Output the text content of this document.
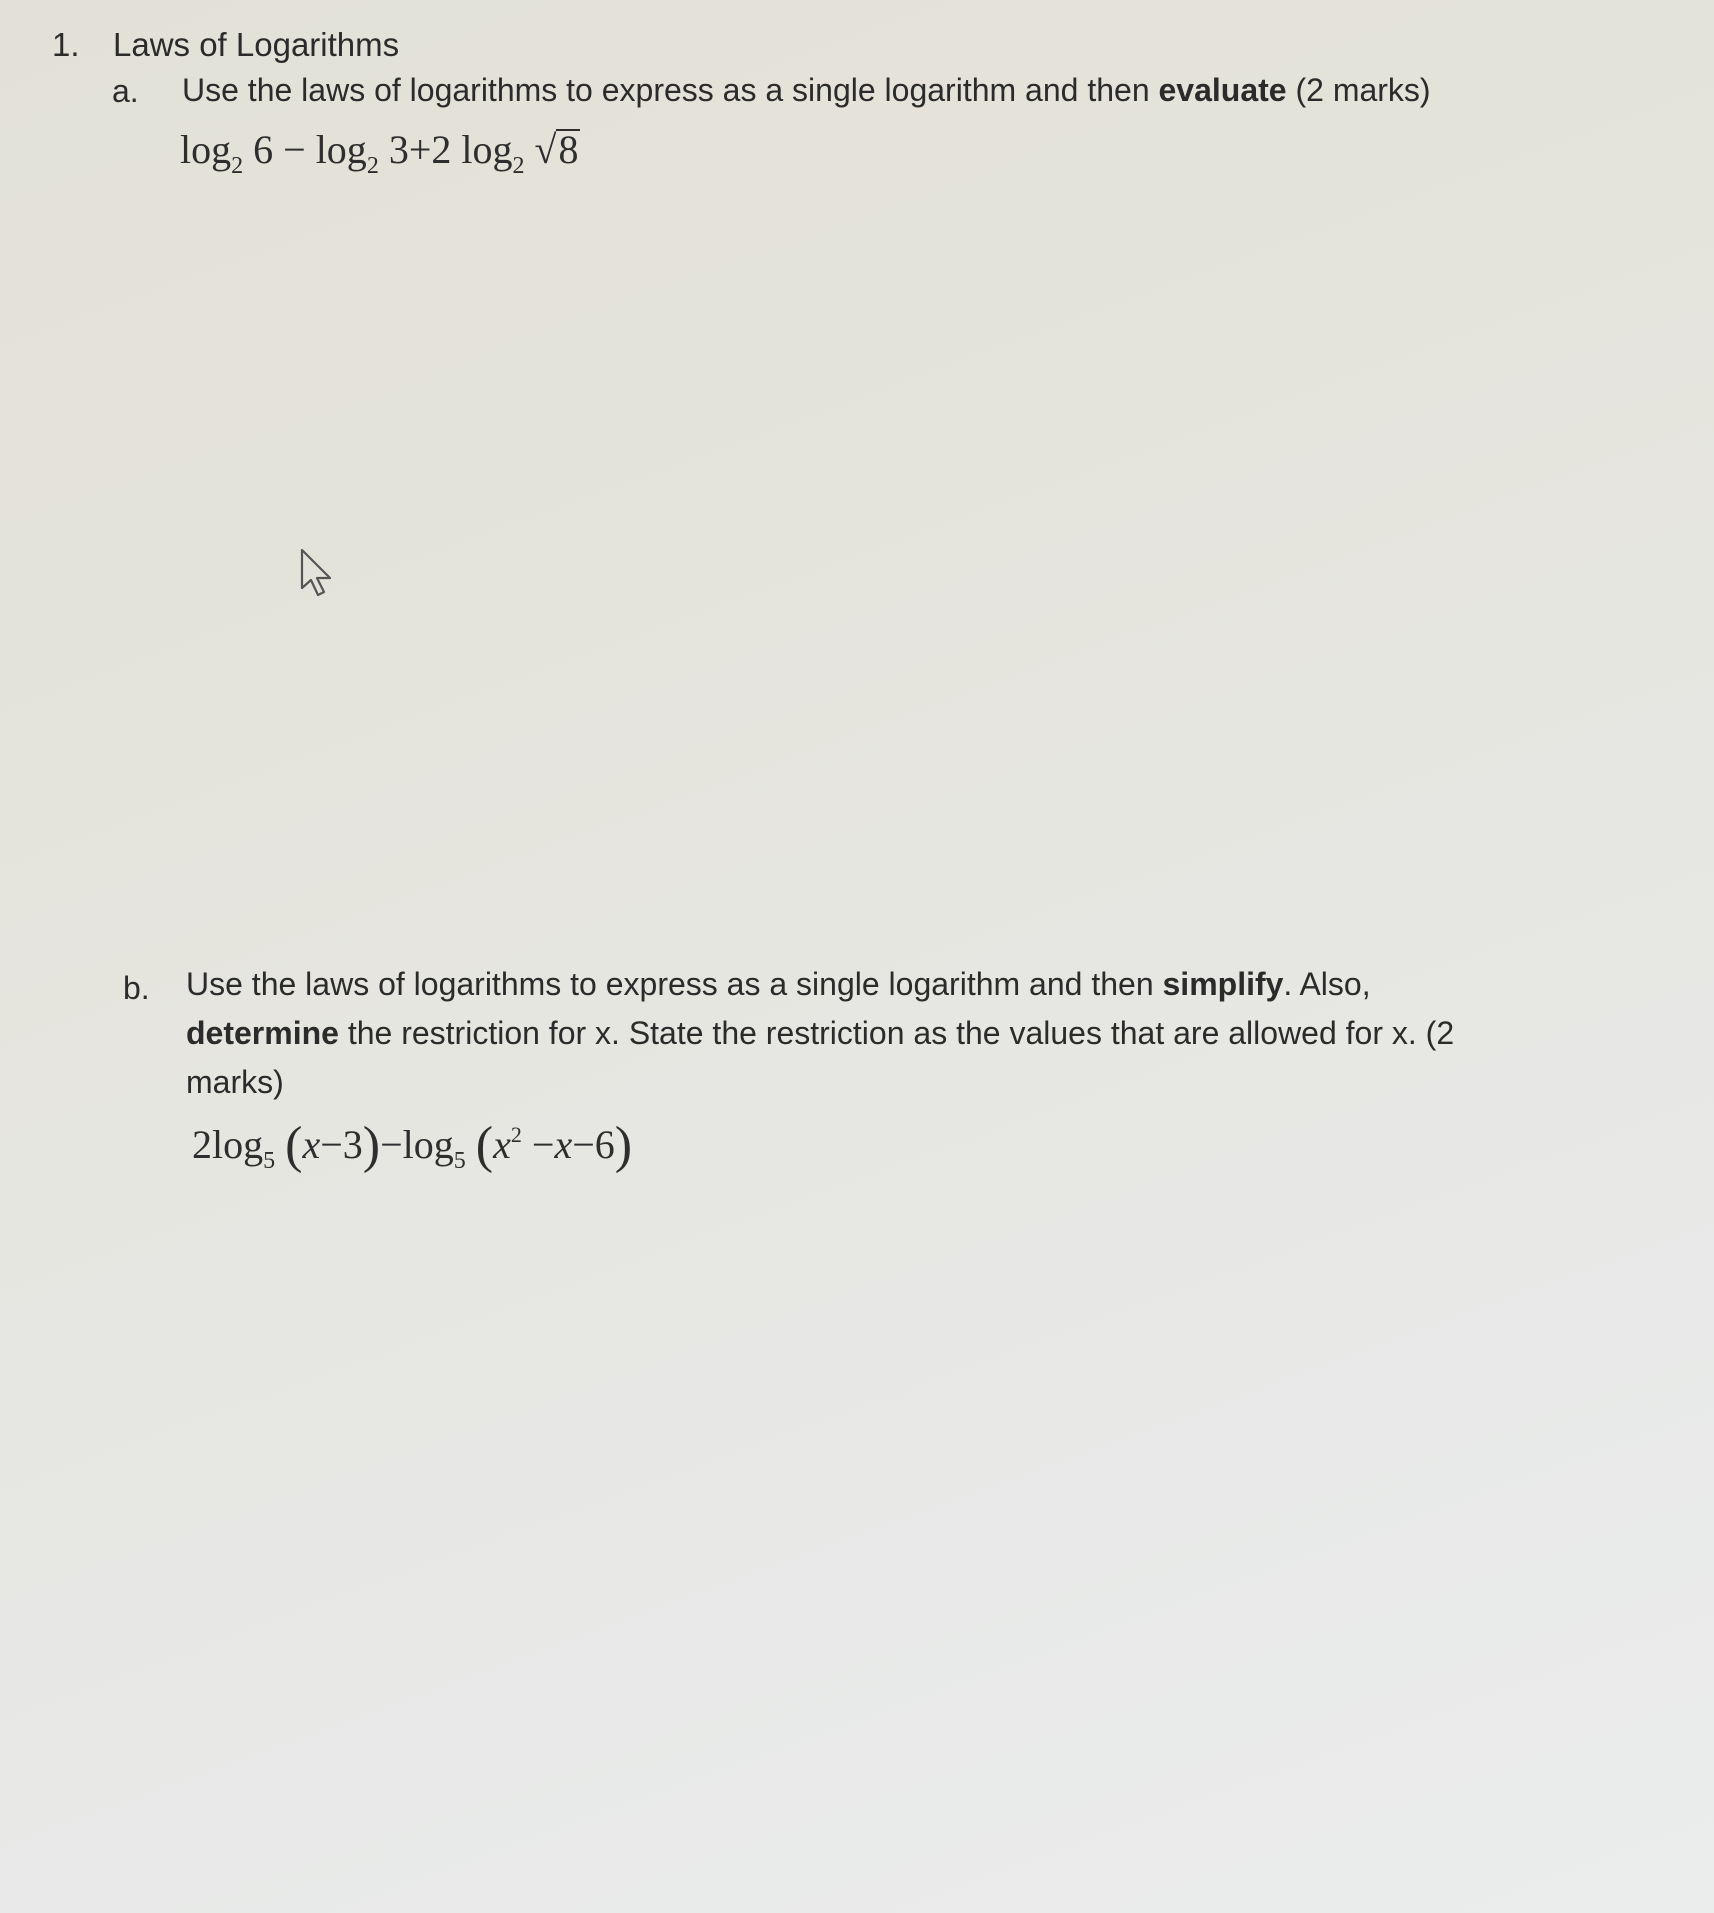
1. Laws of Logarithms
a. Use the laws of logarithms to express as a single logarithm and then evaluate (2 marks)
$\log_2 6 - \log_2 3+2$ $\log_2 √8$
b. Use the laws of logarithms to express as a single logarithm and then simplify. Also,
determine the restriction for x. State the restriction as the values that are allowed for x. (2
marks)
$2\log_5$ $(x-3)-\log_5$ $(x^2 -x-6)$
